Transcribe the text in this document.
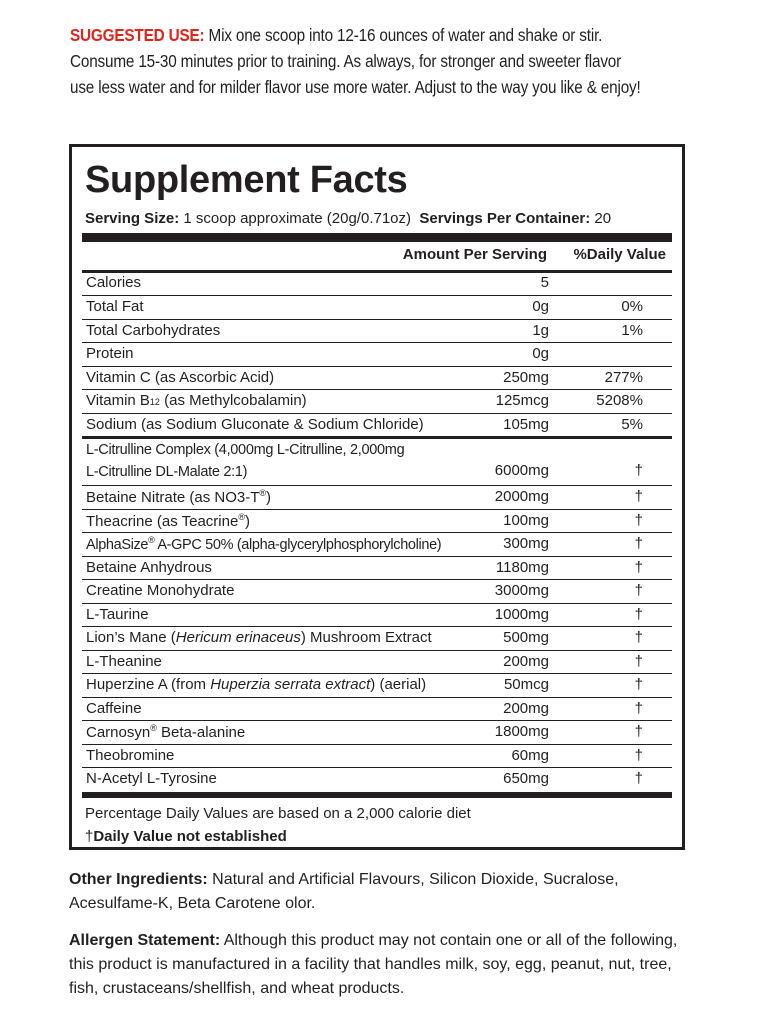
SUGGESTED USE: Mix one scoop into 12-16 ounces of water and shake or stir.
Consume 15-30 minutes prior to training. As always, for stronger and sweeter flavor
use less water and for milder flavor use more water. Adjust to the way you like & enjoy!
Supplement Facts
Serving Size: 1 scoop approximate (20g/0.71oz) Servings Per Container: 20
Amount Per Serving %Daily Value
Calories	5
Total Fat	0g	0%
Total Carbohydrates	1g	1%
Protein	0g
Vitamin C (as Ascorbic Acid)	250mg	277%
Vitamin B12 (as Methylcobalamin)	125mcg	5208%
Sodium (as Sodium Gluconate & Sodium Chloride)	105mg	5%
L-Citrulline Complex (4,000mg L-Citrulline, 2,000mg
L-Citrulline DL-Malate 2:1)	6000mg	†
Betaine Nitrate (as NO3-T®)	2000mg	†
Theacrine (as Teacrine®)	100mg	†
AlphaSize® A-GPC 50% (alpha-glycerylphosphorylcholine)	300mg	†
Betaine Anhydrous	1180mg	†
Creatine Monohydrate	3000mg	†
L-Taurine	1000mg	†
Lion’s Mane (Hericum erinaceus) Mushroom Extract	500mg	†
L-Theanine	200mg	†
Huperzine A (from Huperzia serrata extract) (aerial)	50mcg	†
Caffeine	200mg	†
Carnosyn® Beta-alanine	1800mg	†
Theobromine	60mg	†
N-Acetyl L-Tyrosine	650mg	†
Percentage Daily Values are based on a 2,000 calorie diet
†Daily Value not established
Other Ingredients: Natural and Artificial Flavours, Silicon Dioxide, Sucralose, Acesulfame-K, Beta Carotene olor.
Allergen Statement: Although this product may not contain one or all of the following, this product is manufactured in a facility that handles milk, soy, egg, peanut, nut, tree, fish, crustaceans/shellfish, and wheat products.
